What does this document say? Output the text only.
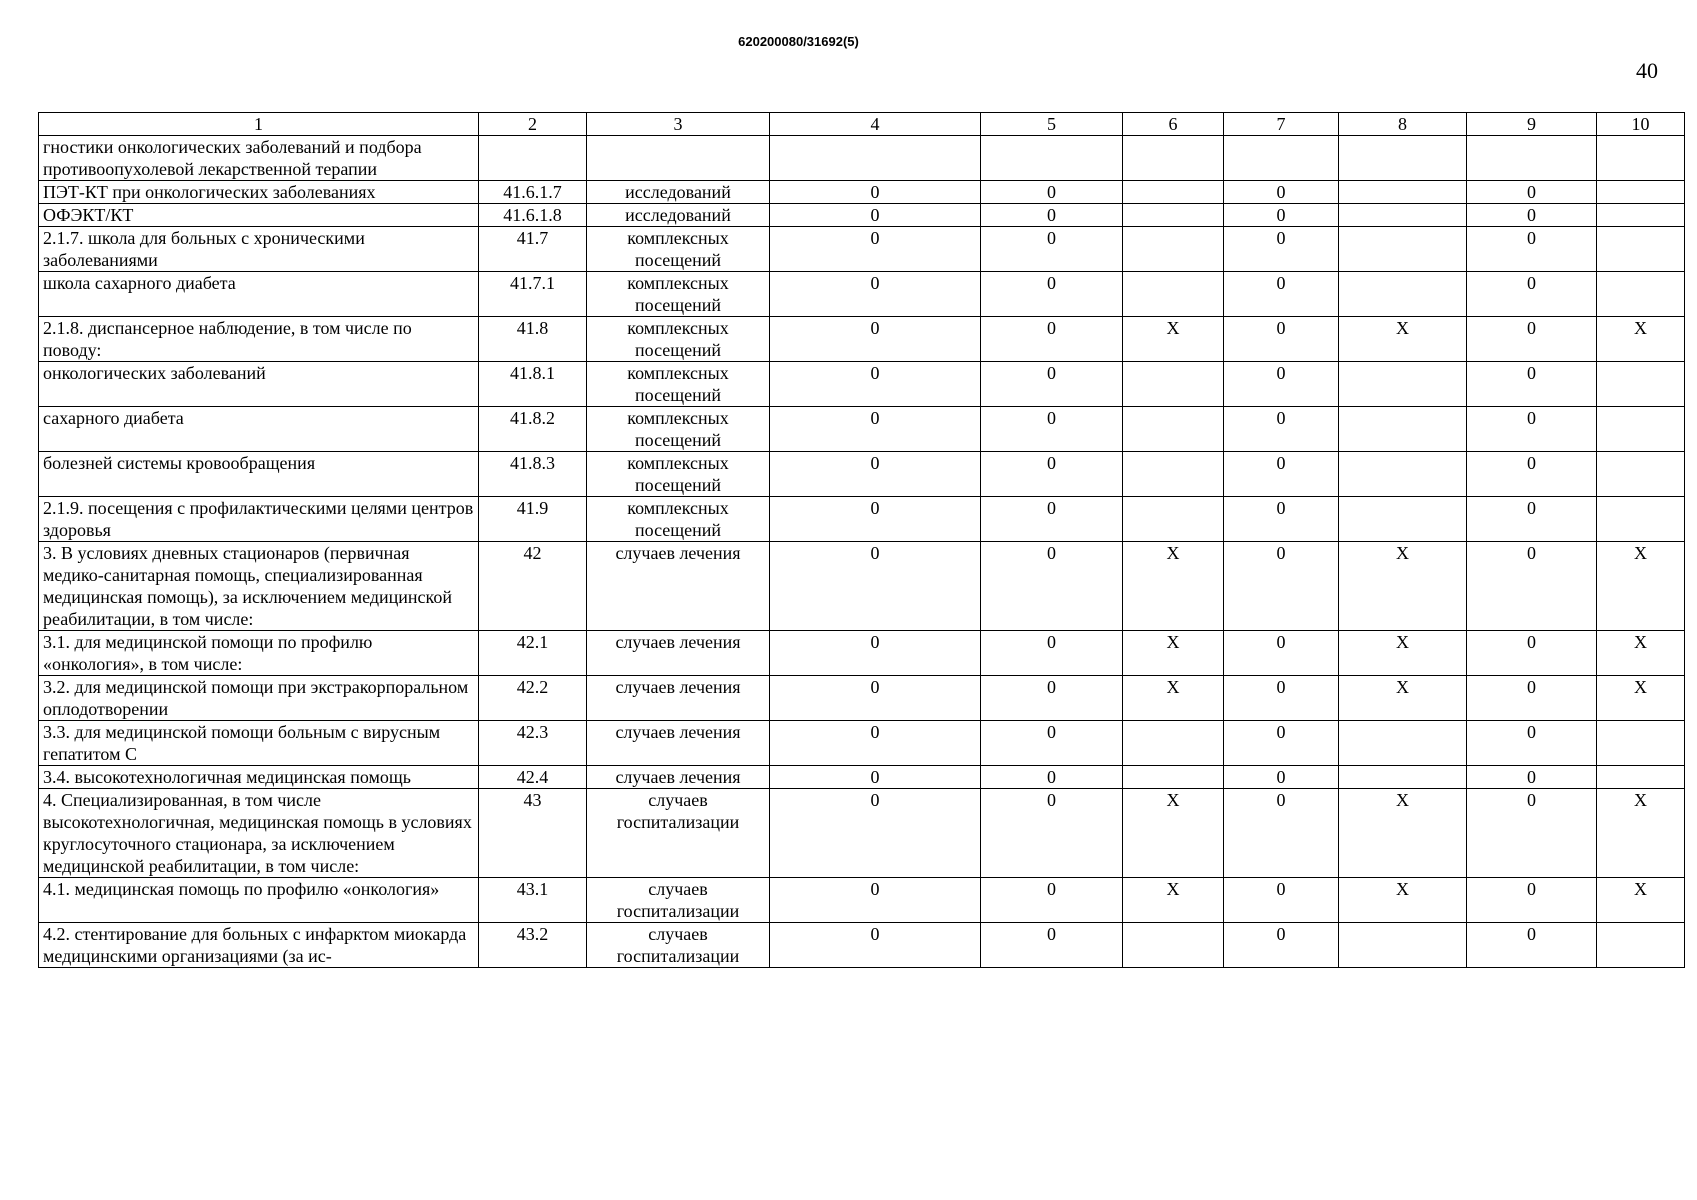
620200080/31692(5)
40
1	2	3	4	5	6	7	8	9	10
гностики онкологических заболеваний и подбора противоопухолевой лекарственной терапии									
ПЭТ-КТ при онкологических заболеваниях	41.6.1.7	исследований	0	0		0		0	
ОФЭКТ/КТ	41.6.1.8	исследований	0	0		0		0	
2.1.7. школа для больных с хроническими заболеваниями	41.7	комплексных посещений	0	0		0		0	
школа сахарного диабета	41.7.1	комплексных посещений	0	0		0		0	
2.1.8. диспансерное наблюдение, в том числе по поводу:	41.8	комплексных посещений	0	0	X	0	X	0	X
онкологических заболеваний	41.8.1	комплексных посещений	0	0		0		0	
сахарного диабета	41.8.2	комплексных посещений	0	0		0		0	
болезней системы кровообращения	41.8.3	комплексных посещений	0	0		0		0	
2.1.9. посещения с профилактическими целями центров здоровья	41.9	комплексных посещений	0	0		0		0	
3. В условиях дневных стационаров (первичная медико-санитарная помощь, специализированная медицинская помощь), за исключением медицинской реабилитации, в том числе:	42	случаев лечения	0	0	X	0	X	0	X
3.1. для медицинской помощи по профилю «онкология», в том числе:	42.1	случаев лечения	0	0	X	0	X	0	X
3.2. для медицинской помощи при экстракорпоральном оплодотворении	42.2	случаев лечения	0	0	X	0	X	0	X
3.3. для медицинской помощи больным с вирусным гепатитом С	42.3	случаев лечения	0	0		0		0	
3.4. высокотехнологичная медицинская помощь	42.4	случаев лечения	0	0		0		0	
4. Специализированная, в том числе высокотехнологичная, медицинская помощь в условиях круглосуточного стационара, за исключением медицинской реабилитации, в том числе:	43	случаев госпитализации	0	0	X	0	X	0	X
4.1. медицинская помощь по профилю «онкология»	43.1	случаев госпитализации	0	0	X	0	X	0	X
4.2. стентирование для больных с инфарктом миокарда медицинскими организациями (за ис-	43.2	случаев госпитализации	0	0		0		0	
